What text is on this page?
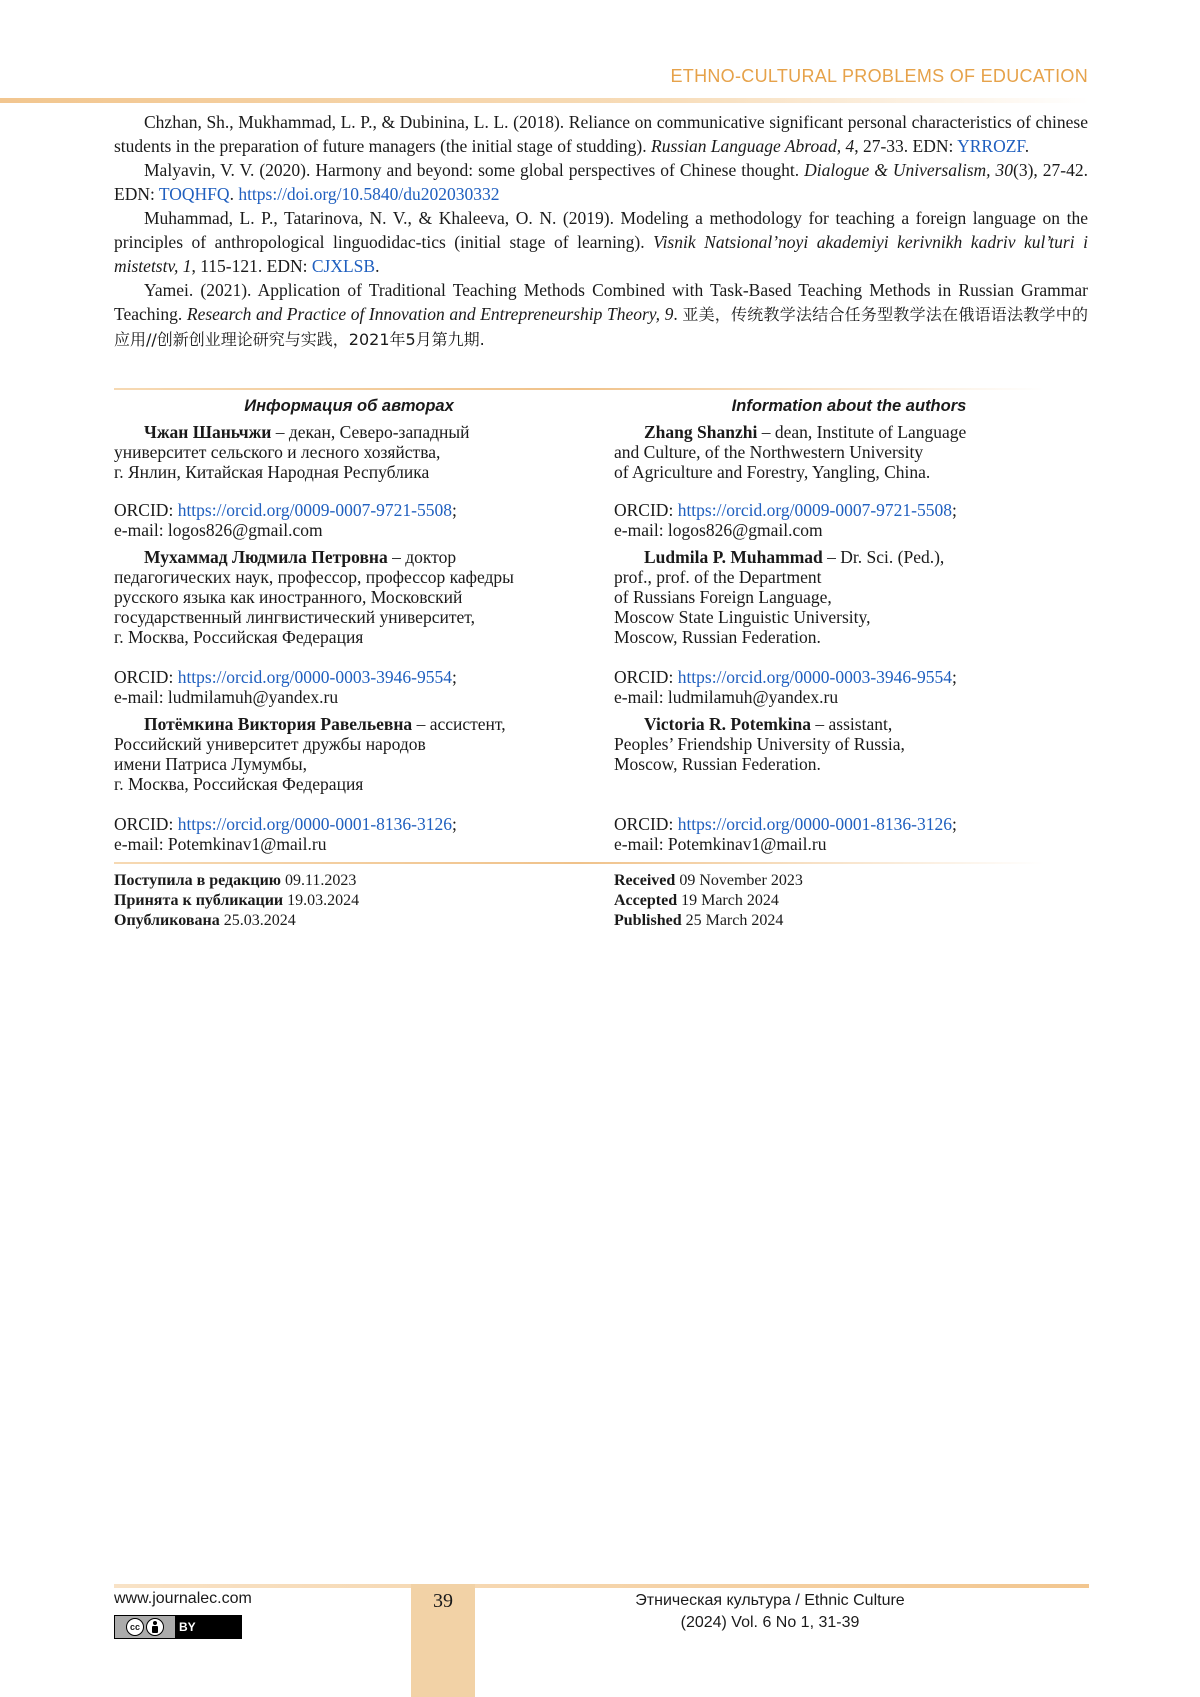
ETHNO-CULTURAL PROBLEMS OF EDUCATION

Chzhan, Sh., Mukhammad, L. P., & Dubinina, L. L. (2018). Reliance on communicative significant personal characteristics of chinese students in the preparation of future managers (the initial stage of studding). Russian Language Abroad, 4, 27-33. EDN: YRROZF.

Malyavin, V. V. (2020). Harmony and beyond: some global perspectives of Chinese thought. Dialogue & Universalism, 30(3), 27-42. EDN: TOQHFQ. https://doi.org/10.5840/du202030332

Muhammad, L. P., Tatarinova, N. V., & Khaleeva, O. N. (2019). Modeling a methodology for teaching a foreign language on the principles of anthropological linguodidac-tics (initial stage of learning). Visnik Natsional’noyi akademiyi kerivnikh kadriv kul’turi i mistetstv, 1, 115-121. EDN: CJXLSB.

Yamei. (2021). Application of Traditional Teaching Methods Combined with Task-Based Teaching Methods in Russian Grammar Teaching. Research and Practice of Innovation and Entrepreneurship Theory, 9. 亚美，传统教学法结合任务型教学法在俄语语法教学中的应用//创新创业理论研究与实践，2021年5月第九期.

Информация об авторах	Information about the authors
Чжан Шаньчжи – декан, Северо-западный
университет сельского и лесного хозяйства,
г. Янлин, Китайская Народная Республика
ORCID: https://orcid.org/0009-0007-9721-5508;
e-mail: logos826@gmail.com
Zhang Shanzhi – dean, Institute of Language
and Culture, of the Northwestern University
of Agriculture and Forestry, Yangling, China.
ORCID: https://orcid.org/0009-0007-9721-5508;
e-mail: logos826@gmail.com
Мухаммад Людмила Петровна – доктор
педагогических наук, профессор, профессор кафедры
русского языка как иностранного, Московский
государственный лингвистический университет,
г. Москва, Российская Федерация
ORCID: https://orcid.org/0000-0003-3946-9554;
e-mail: ludmilamuh@yandex.ru
Ludmila P. Muhammad – Dr. Sci. (Ped.),
prof., prof. of the Department
of Russians Foreign Language,
Moscow State Linguistic University,
Moscow, Russian Federation.
ORCID: https://orcid.org/0000-0003-3946-9554;
e-mail: ludmilamuh@yandex.ru
Потёмкина Виктория Равельевна – ассистент,
Российский университет дружбы народов
имени Патриса Лумумбы,
г. Москва, Российская Федерация
ORCID: https://orcid.org/0000-0001-8136-3126;
e-mail: Potemkinav1@mail.ru
Victoria R. Potemkina – assistant,
Peoples’ Friendship University of Russia,
Moscow, Russian Federation.
ORCID: https://orcid.org/0000-0001-8136-3126;
e-mail: Potemkinav1@mail.ru
Поступила в редакцию 09.11.2023
Принята к публикации 19.03.2024
Опубликована 25.03.2024
Received 09 November 2023
Accepted 19 March 2024
Published 25 March 2024
39
www.journalec.com
cc	BY
Этническая культура / Ethnic Culture
(2024) Vol. 6 No 1, 31-39
